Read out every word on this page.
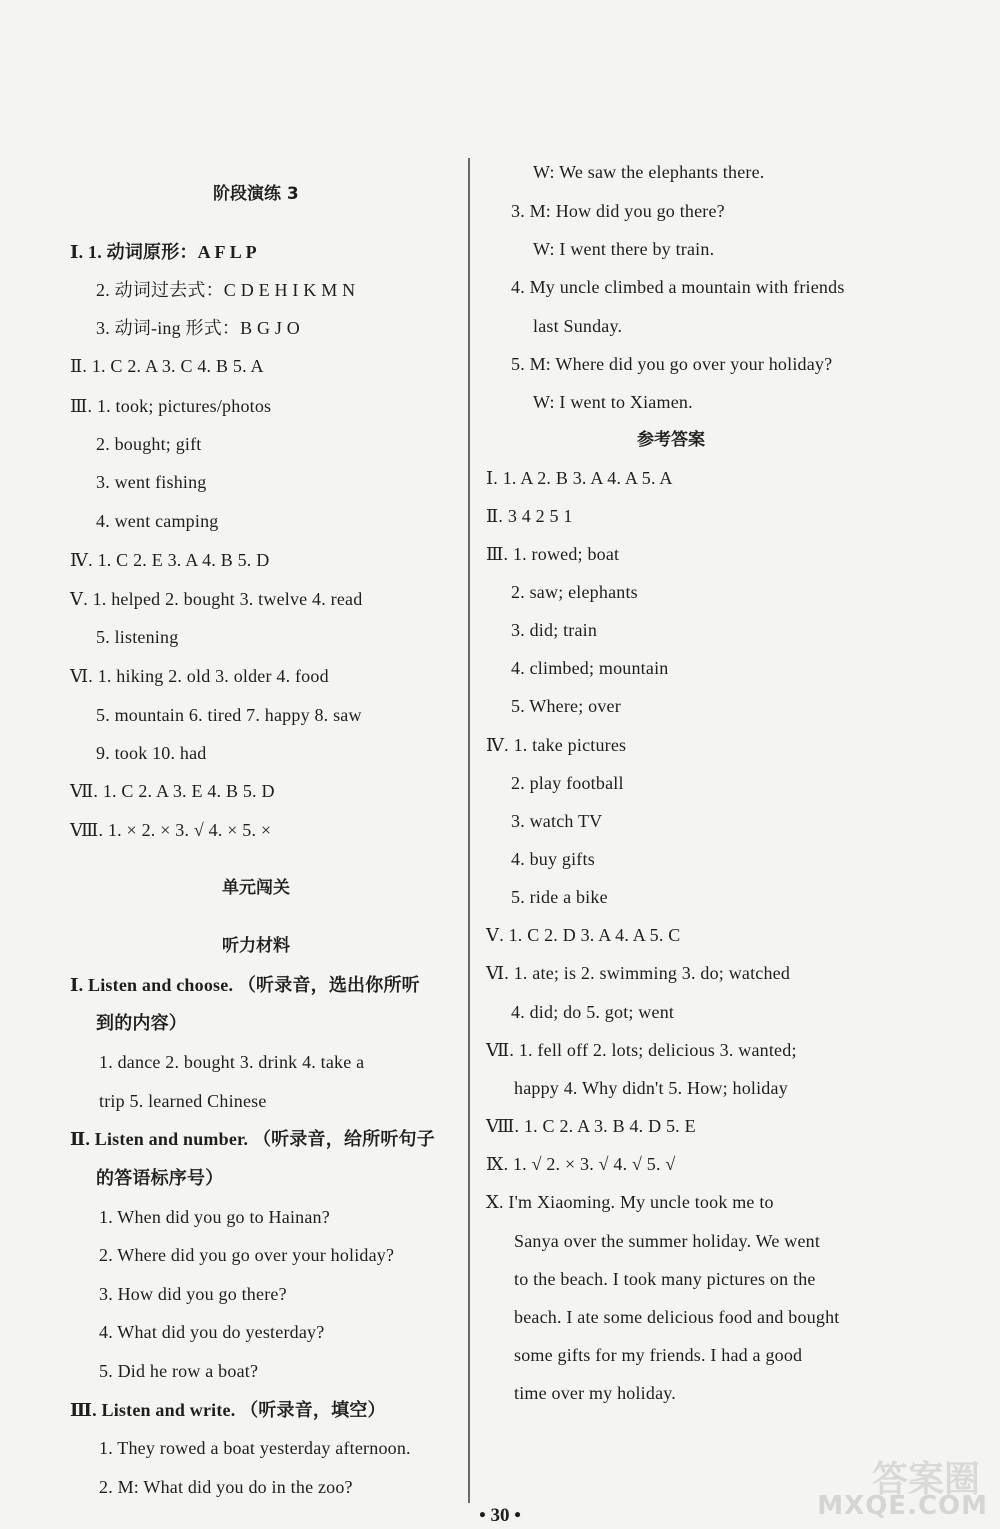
阶段演练 3
Ⅰ. 1. 动词原形：A F L P
2. 动词过去式：C D E H I K M N
3. 动词-ing 形式：B G J O
Ⅱ. 1. C 2. A 3. C 4. B 5. A
Ⅲ. 1. took; pictures/photos
2. bought; gift
3. went fishing
4. went camping
Ⅳ. 1. C 2. E 3. A 4. B 5. D
Ⅴ. 1. helped 2. bought 3. twelve 4. read
5. listening
Ⅵ. 1. hiking 2. old 3. older 4. food
5. mountain 6. tired 7. happy 8. saw
9. took 10. had
Ⅶ. 1. C 2. A 3. E 4. B 5. D
Ⅷ. 1. × 2. × 3. √ 4. × 5. ×
单元闯关
听力材料
Ⅰ. Listen and choose. （听录音，选出你所听
到的内容）
1. dance 2. bought 3. drink 4. take a
trip 5. learned Chinese
Ⅱ. Listen and number. （听录音，给所听句子
的答语标序号）
1. When did you go to Hainan?
2. Where did you go over your holiday?
3. How did you go there?
4. What did you do yesterday?
5. Did he row a boat?
Ⅲ. Listen and write. （听录音，填空）
1. They rowed a boat yesterday afternoon.
2. M: What did you do in the zoo?
W: We saw the elephants there.
3. M: How did you go there?
W: I went there by train.
4. My uncle climbed a mountain with friends
last Sunday.
5. M: Where did you go over your holiday?
W: I went to Xiamen.
参考答案
Ⅰ. 1. A 2. B 3. A 4. A 5. A
Ⅱ. 3 4 2 5 1
Ⅲ. 1. rowed; boat
2. saw; elephants
3. did; train
4. climbed; mountain
5. Where; over
Ⅳ. 1. take pictures
2. play football
3. watch TV
4. buy gifts
5. ride a bike
Ⅴ. 1. C 2. D 3. A 4. A 5. C
Ⅵ. 1. ate; is 2. swimming 3. do; watched
4. did; do 5. got; went
Ⅶ. 1. fell off 2. lots; delicious 3. wanted;
happy 4. Why didn't 5. How; holiday
Ⅷ. 1. C 2. A 3. B 4. D 5. E
Ⅸ. 1. √ 2. × 3. √ 4. √ 5. √
Ⅹ. I'm Xiaoming. My uncle took me to
Sanya over the summer holiday. We went
to the beach. I took many pictures on the
beach. I ate some delicious food and bought
some gifts for my friends. I had a good
time over my holiday.
• 30 •
答案圈
MXQE.COM
